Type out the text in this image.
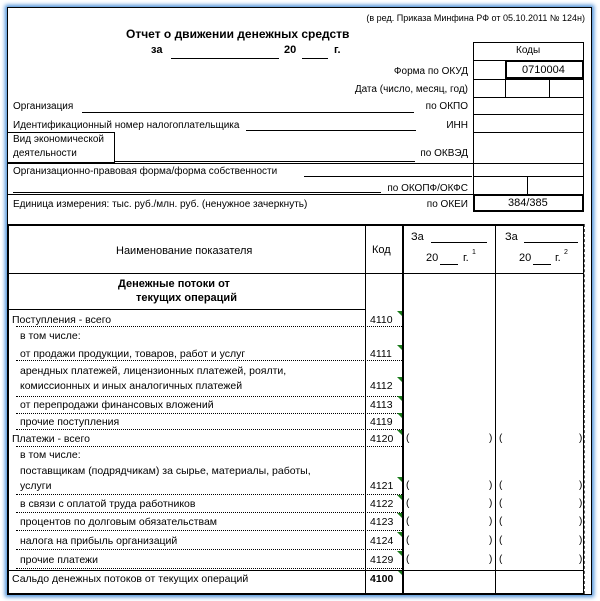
(в ред. Приказа Минфина РФ от 05.10.2011 № 124н)
Отчет о движении денежных средств
за	20	г.	Коды
0710004
Форма по ОКУД
Дата (число, месяц, год)
Организация	по ОКПО
Идентификационный номер налогоплательщика	ИНН
Вид экономической
деятельности	по ОКВЭД
Организационно-правовая форма/форма собственности
по ОКОПФ/ОКФС
Единица измерения: тыс. руб./млн. руб. (ненужное зачеркнуть)	по ОКЕИ	384/385
Наименование показателя	Код
За
20 г. 1
За
20 г. 2
Денежные потоки от
текущих операций
Поступления - всего	4110
в том числе:
от продажи продукции, товаров, работ и услуг	4111
арендных платежей, лицензионных платежей, роялти,
комиссионных и иных аналогичных платежей	4112
от перепродажи финансовых вложений	4113
прочие поступления	4119
Платежи - всего	4120 (	) (	)
в том числе:
поставщикам (подрядчикам) за сырье, материалы, работы,
услуги	4121 (	) (	)
в связи с оплатой труда работников	4122 (	) (	)
процентов по долговым обязательствам	4123 (	) (	)
налога на прибыль организаций	4124 (	) (	)
прочие платежи	4129 (	) (	)
Сальдо денежных потоков от текущих операций	4100
